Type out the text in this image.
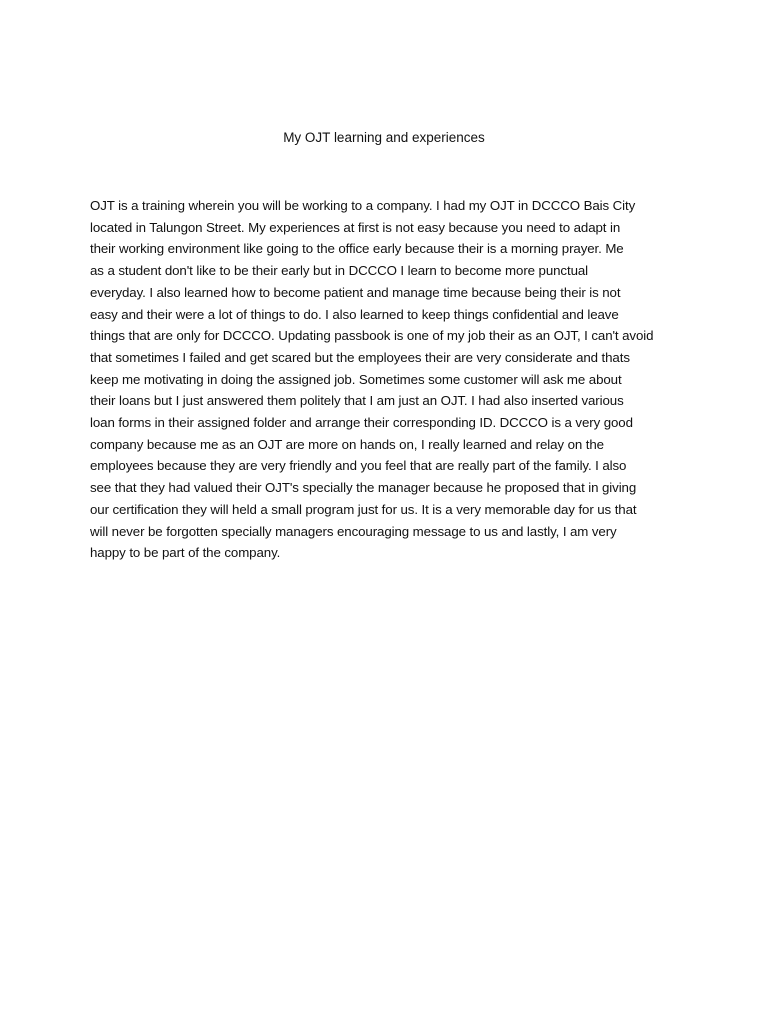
My OJT learning and experiences
OJT is a training wherein you will be working to a company. I had my OJT in DCCCO Bais City
located in Talungon Street. My experiences at first is not easy because you need to adapt in
their working environment like going to the office early because their is a morning prayer. Me
as a student don't like to be their early but in DCCCO I learn to become more punctual
everyday. I also learned how to become patient and manage time because being their is not
easy and their were a lot of things to do. I also learned to keep things confidential and leave
things that are only for DCCCO. Updating passbook is one of my job their as an OJT, I can't avoid
that sometimes I failed and get scared but the employees their are very considerate and thats
keep me motivating in doing the assigned job. Sometimes some customer will ask me about
their loans but I just answered them politely that I am just an OJT. I had also inserted various
loan forms in their assigned folder and arrange their corresponding ID. DCCCO is a very good
company because me as an OJT are more on hands on, I really learned and relay on the
employees because they are very friendly and you feel that are really part of the family. I also
see that they had valued their OJT's specially the manager because he proposed that in giving
our certification they will held a small program just for us. It is a very memorable day for us that
will never be forgotten specially managers encouraging message to us and lastly, I am very
happy to be part of the company.
